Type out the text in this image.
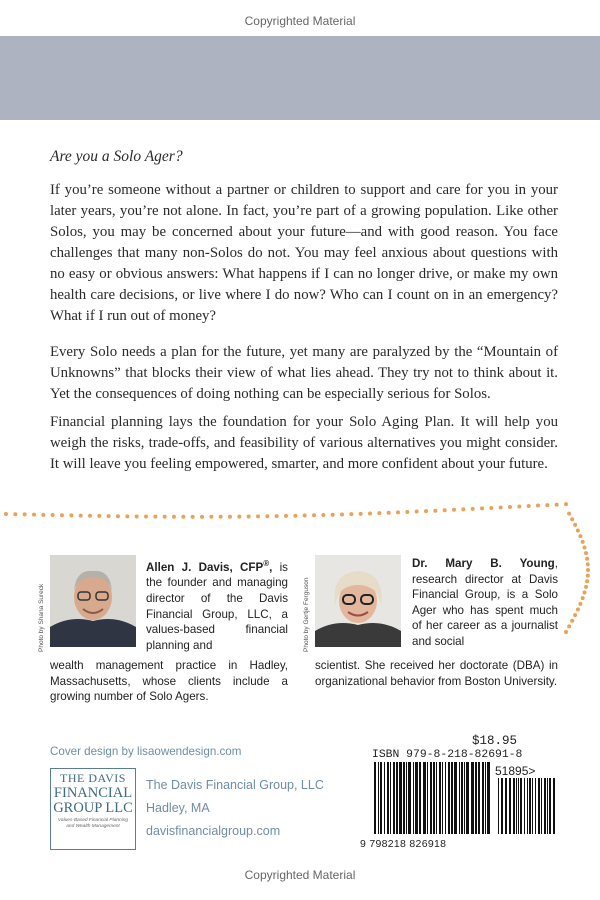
Copyrighted Material
Are you a Solo Ager?

If you’re someone without a partner or children to support and care for you in your later years, you’re not alone. In fact, you’re part of a growing population. Like other Solos, you may be concerned about your future—and with good reason. You face challenges that many non-Solos do not. You may feel anxious about questions with no easy or obvious answers: What happens if I can no longer drive, or make my own health care decisions, or live where I do now? Who can I count on in an emergency? What if I run out of money?

Every Solo needs a plan for the future, yet many are paralyzed by the “Mountain of Unknowns” that blocks their view of what lies ahead. They try not to think about it. Yet the consequences of doing nothing can be especially serious for Solos.

Financial planning lays the foundation for your Solo Aging Plan. It will help you weigh the risks, trade-offs, and feasibility of various alternatives you might consider. It will leave you feeling empowered, smarter, and more confident about your future.

Photo by Shana Sureck
Allen J. Davis, CFP®, is the founder and managing director of the Davis Financial Group, LLC, a values-based financial planning and
wealth management practice in Hadley, Massachusetts, whose clients include a growing number of Solo Agers.
Photo by Gertje Ferguson
Dr. Mary B. Young, research director at Davis Financial Group, is a Solo Ager who has spent much of her career as a journalist and social
scientist. She received her doctorate (DBA) in organizational behavior from Boston University.
Cover design by lisaowendesign.com
THE DAVIS
FINANCIAL
GROUP LLC
Values-Based Financial Planning and Wealth Management
The Davis Financial Group, LLC
Hadley, MA
davisfinancialgroup.com
$18.95
ISBN 979-8-218-82691-8
51895>
9 798218 826918
Copyrighted Material
